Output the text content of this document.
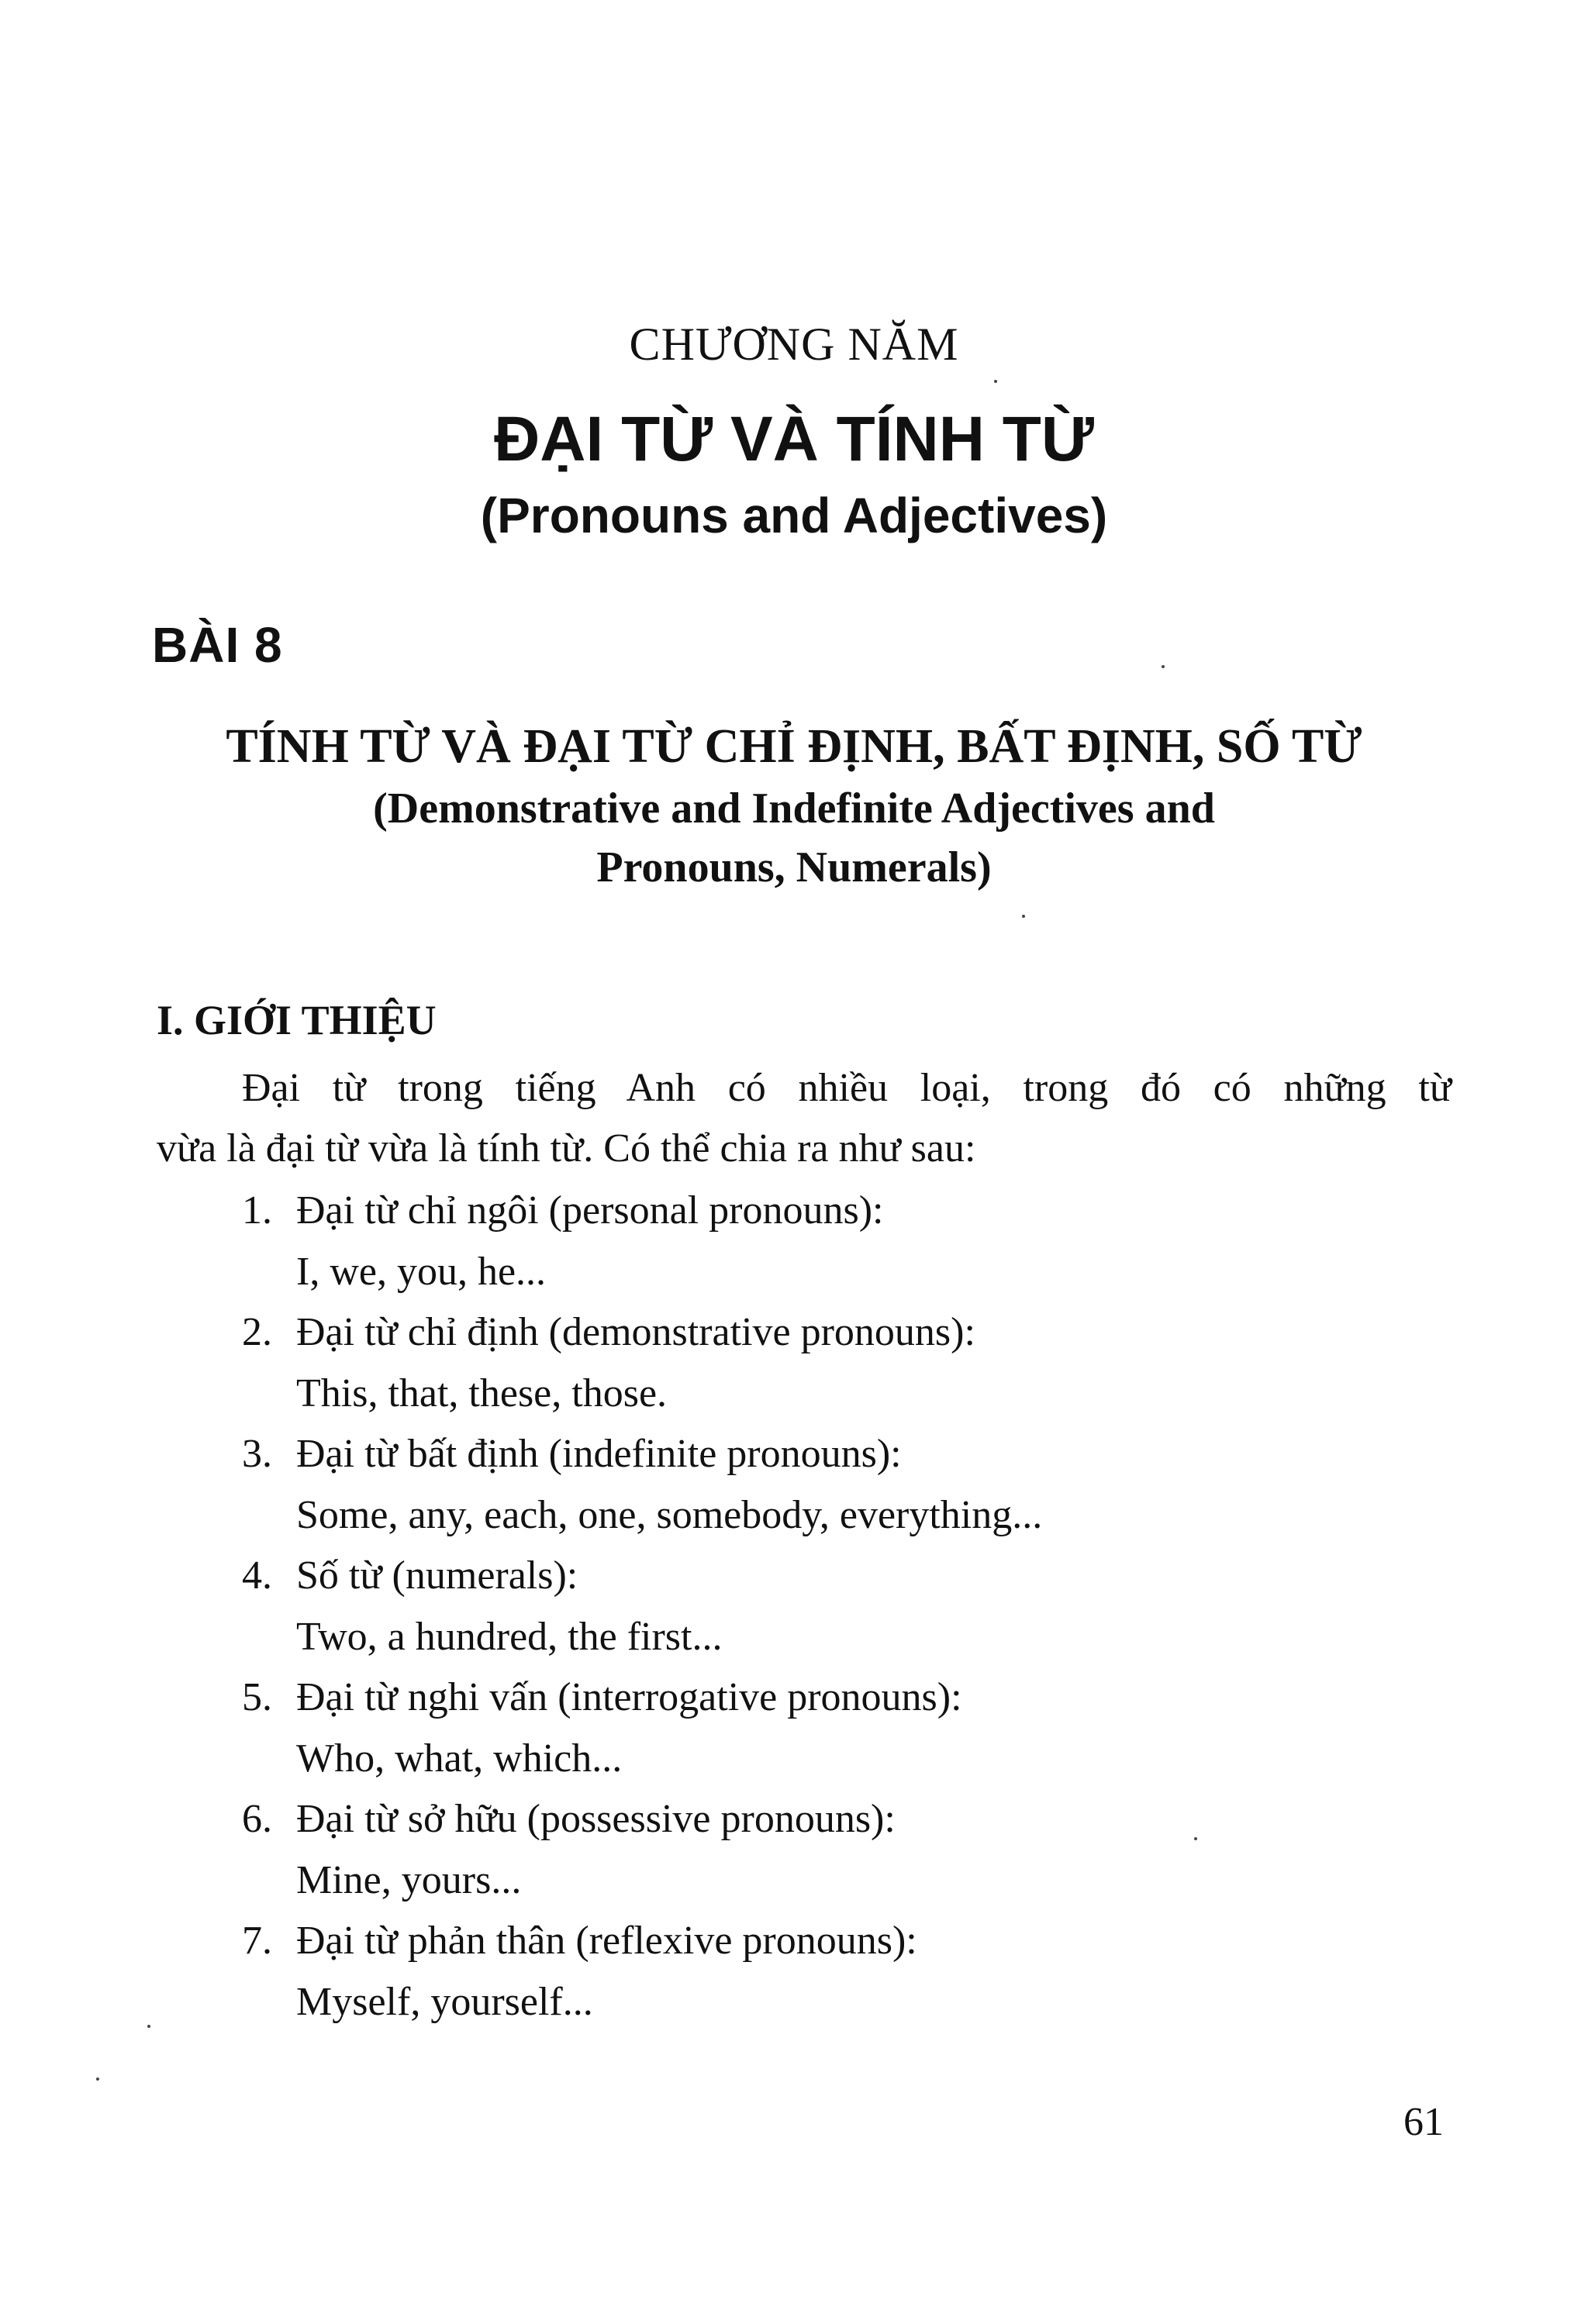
CHƯƠNG NĂM
ĐẠI TỪ VÀ TÍNH TỪ
(Pronouns and Adjectives)
BÀI 8
TÍNH TỪ VÀ ĐẠI TỪ CHỈ ĐỊNH, BẤT ĐỊNH, SỐ TỪ
(Demonstrative and Indefinite Adjectives and
Pronouns, Numerals)
I. GIỚI THIỆU
Đại từ trong tiếng Anh có nhiều loại, trong đó có những từ
vừa là đại từ vừa là tính từ. Có thể chia ra như sau:
1. Đại từ chỉ ngôi (personal pronouns):
I, we, you, he...
2. Đại từ chỉ định (demonstrative pronouns):
This, that, these, those.
3. Đại từ bất định (indefinite pronouns):
Some, any, each, one, somebody, everything...
4. Số từ (numerals):
Two, a hundred, the first...
5. Đại từ nghi vấn (interrogative pronouns):
Who, what, which...
6. Đại từ sở hữu (possessive pronouns):
Mine, yours...
7. Đại từ phản thân (reflexive pronouns):
Myself, yourself...
61
